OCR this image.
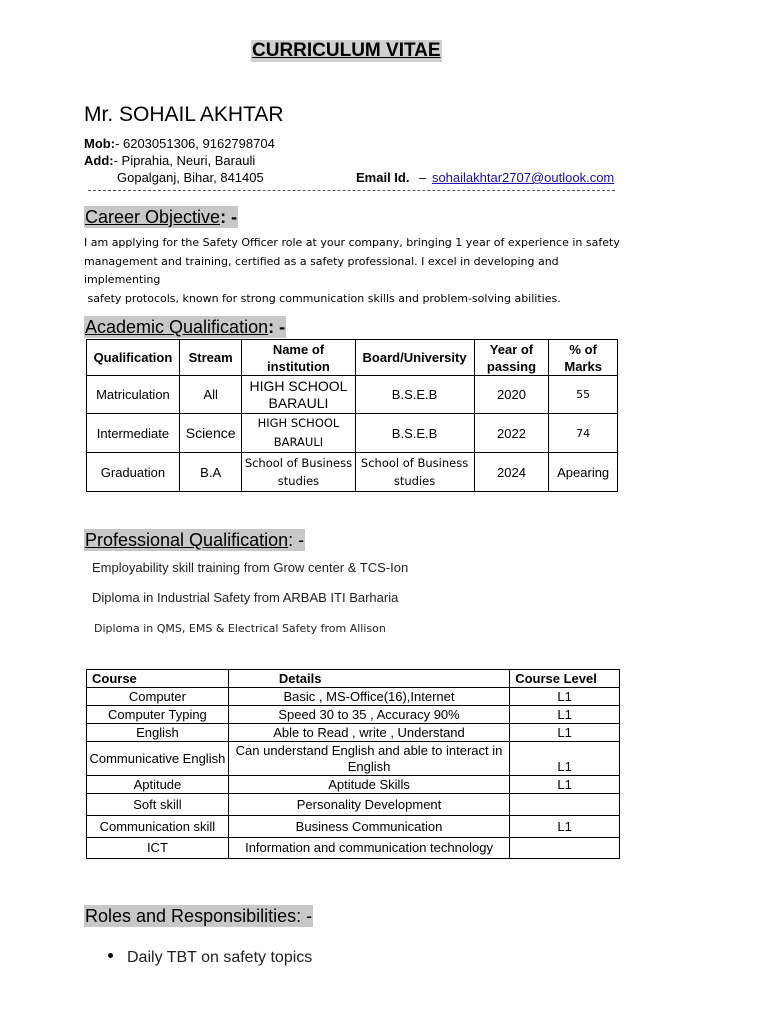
CURRICULUM VITAE
Mr. SOHAIL AKHTAR
Mob:- 6203051306, 9162798704
Add:- Piprahia, Neuri, Barauli
Gopalganj, Bihar, 841405	Email Id. – sohailakhtar2707@outlook.com
Career Objective: -
I am applying for the Safety Officer role at your company, bringing 1 year of experience in safety
management and training, certified as a safety professional. I excel in developing and implementing
safety protocols, known for strong communication skills and problem-solving abilities.
Academic Qualification: -
Qualification	Stream	Name of institution	Board/University	Year of passing	% of Marks
Matriculation	All	HIGH SCHOOL BARAULI	B.S.E.B	2020	55
Intermediate	Science	HIGH SCHOOL BARAULI	B.S.E.B	2022	74
Graduation	B.A	School of Business studies	School of Business studies	2024	Apearing
Professional Qualification: -
Employability skill training from Grow center & TCS-Ion
Diploma in Industrial Safety from ARBAB ITI Barharia
Diploma in QMS, EMS & Electrical Safety from Allison
Course	Details	Course Level
Computer	Basic , MS-Office(16),Internet	L1
Computer Typing	Speed 30 to 35 , Accuracy 90%	L1
English	Able to Read , write , Understand	L1
Communicative English	Can understand English and able to interact in English	L1
Aptitude	Aptitude Skills	L1
Soft skill	Personality Development	
Communication skill	Business Communication	L1
ICT	Information and communication technology	
Roles and Responsibilities: -
Daily TBT on safety topics
